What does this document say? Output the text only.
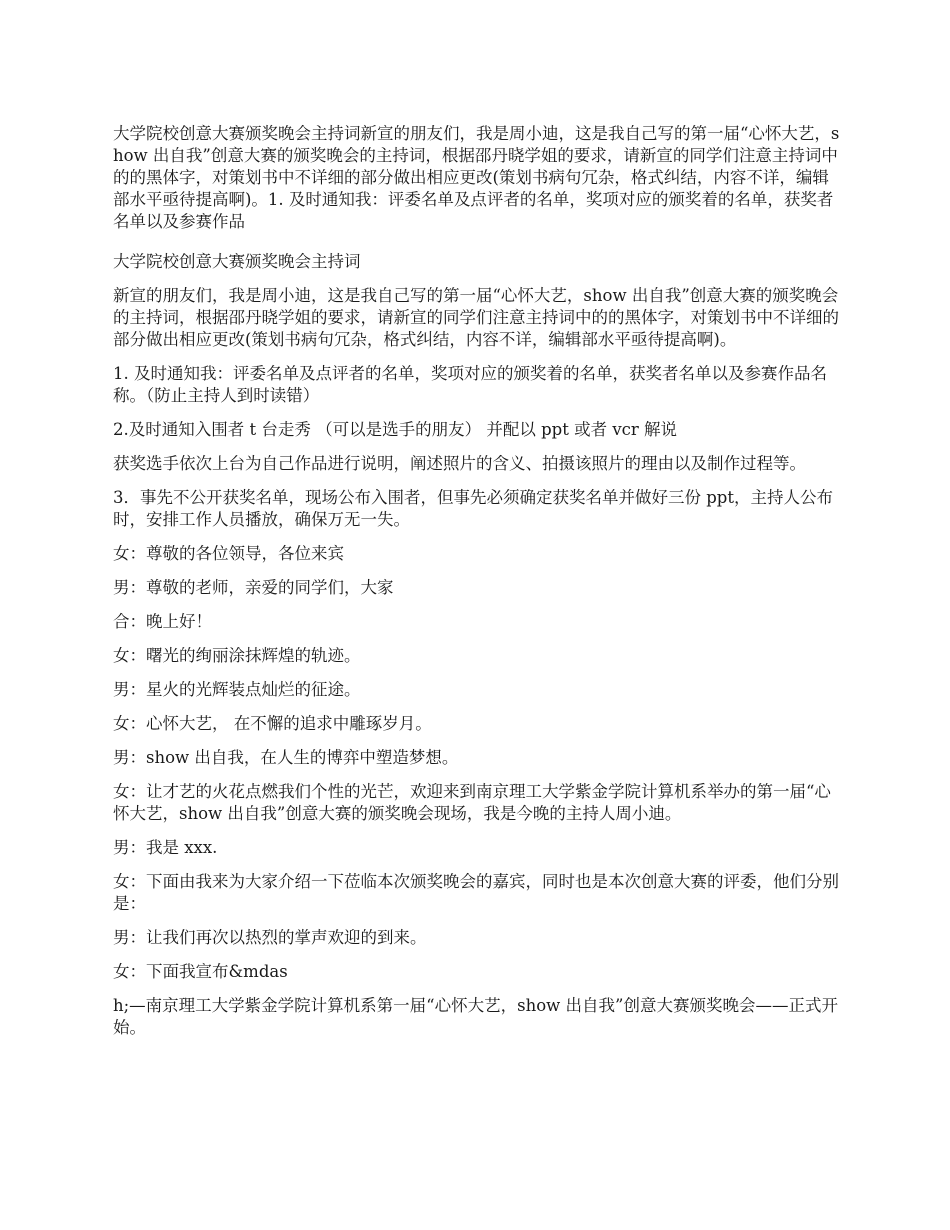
大学院校创意大赛颁奖晚会主持词新宣的朋友们，我是周小迪，这是我自己写的第一届“心怀大艺，show 出自我”创意大赛的颁奖晚会的主持词，根据邵丹晓学姐的要求，请新宣的同学们注意主持词中的的黑体字，对策划书中不详细的部分做出相应更改(策划书病句冗杂，格式纠结，内容不详，编辑部水平亟待提高啊)。1. 及时通知我：评委名单及点评者的名单，奖项对应的颁奖着的名单，获奖者名单以及参赛作品

大学院校创意大赛颁奖晚会主持词

新宣的朋友们，我是周小迪，这是我自己写的第一届“心怀大艺，show 出自我”创意大赛的颁奖晚会的主持词，根据邵丹晓学姐的要求，请新宣的同学们注意主持词中的的黑体字，对策划书中不详细的部分做出相应更改(策划书病句冗杂，格式纠结，内容不详，编辑部水平亟待提高啊)。

1. 及时通知我：评委名单及点评者的名单，奖项对应的颁奖着的名单，获奖者名单以及参赛作品名称。（防止主持人到时读错）

2.及时通知入围者 t 台走秀 （可以是选手的朋友） 并配以 ppt 或者 vcr 解说

获奖选手依次上台为自己作品进行说明，阐述照片的含义、拍摄该照片的理由以及制作过程等。

3．事先不公开获奖名单，现场公布入围者，但事先必须确定获奖名单并做好三份 ppt，主持人公布时，安排工作人员播放，确保万无一失。

女：尊敬的各位领导，各位来宾

男：尊敬的老师，亲爱的同学们，大家

合：晚上好！

女：曙光的绚丽涂抹辉煌的轨迹。

男：星火的光辉装点灿烂的征途。

女：心怀大艺， 在不懈的追求中雕琢岁月。

男：show 出自我，在人生的博弈中塑造梦想。

女：让才艺的火花点燃我们个性的光芒，欢迎来到南京理工大学紫金学院计算机系举办的第一届“心怀大艺，show 出自我”创意大赛的颁奖晚会现场，我是今晚的主持人周小迪。

男：我是 xxx.

女：下面由我来为大家介绍一下莅临本次颁奖晚会的嘉宾，同时也是本次创意大赛的评委，他们分别是：

男：让我们再次以热烈的掌声欢迎的到来。

女：下面我宣布&mdas

h;—南京理工大学紫金学院计算机系第一届“心怀大艺，show 出自我”创意大赛颁奖晚会——正式开始。
